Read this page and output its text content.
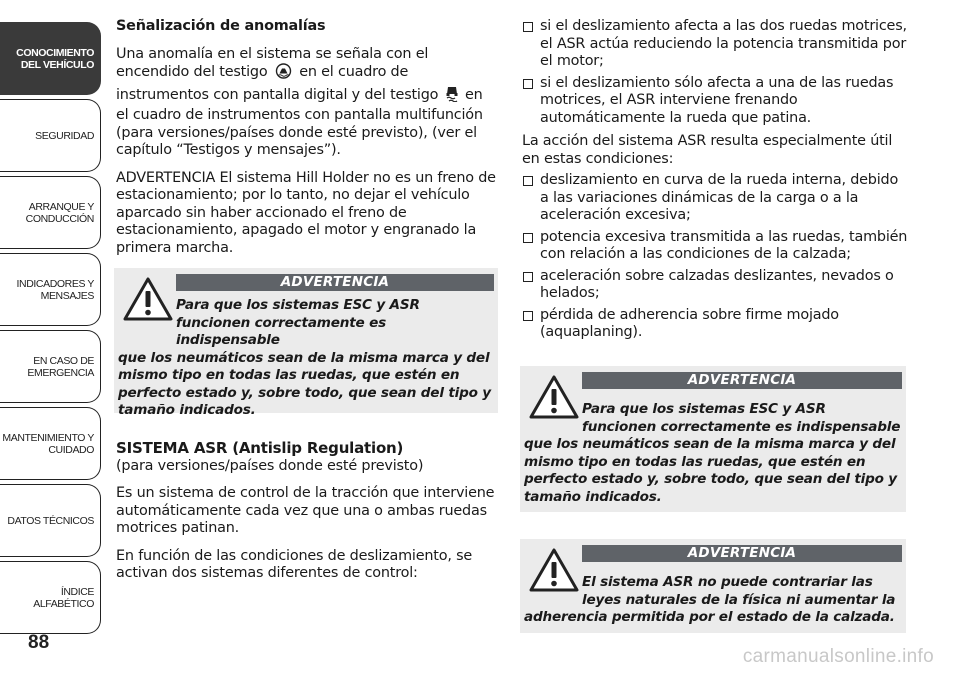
CONOCIMIENTO
DEL VEHÍCULO
SEGURIDAD
ARRANQUE Y
CONDUCCIÓN
INDICADORES Y
MENSAJES
EN CASO DE
EMERGENCIA
MANTENIMIENTO Y
CUIDADO
DATOS TÉCNICOS
ÍNDICE ALFABÉTICO
88
carmanualsonline.info

Señalización de anomalías

Una anomalía en el sistema se señala con el encendido del testigo en el cuadro de instrumentos con pantalla digital y del testigo en el cuadro de instrumentos con pantalla multifunción (para versiones/países donde esté previsto), (ver el capítulo “Testigos y mensajes”).

ADVERTENCIA El sistema Hill Holder no es un freno de estacionamiento; por lo tanto, no dejar el vehículo aparcado sin haber accionado el freno de estacionamiento, apagado el motor y engranado la primera marcha.

ADVERTENCIA
Para que los sistemas ESC y ASR funcionen correctamente es indispensable
que los neumáticos sean de la misma marca y del mismo tipo en todas las ruedas, que estén en perfecto estado y, sobre todo, que sean del tipo y tamaño indicados.

SISTEMA ASR (Antislip Regulation)

(para versiones/países donde esté previsto)

Es un sistema de control de la tracción que interviene automáticamente cada vez que una o ambas ruedas motrices patinan.

En función de las condiciones de deslizamiento, se activan dos sistemas diferentes de control:

si el deslizamiento afecta a las dos ruedas motrices, el ASR actúa reduciendo la potencia transmitida por el motor;
si el deslizamiento sólo afecta a una de las ruedas motrices, el ASR interviene frenando automáticamente la rueda que patina.

La acción del sistema ASR resulta especialmente útil en estas condiciones:

deslizamiento en curva de la rueda interna, debido a las variaciones dinámicas de la carga o a la aceleración excesiva;
potencia excesiva transmitida a las ruedas, también con relación a las condiciones de la calzada;
aceleración sobre calzadas deslizantes, nevados o helados;
pérdida de adherencia sobre firme mojado (aquaplaning).
ADVERTENCIA
Para que los sistemas ESC y ASR funcionen correctamente es indispensable
que los neumáticos sean de la misma marca y del mismo tipo en todas las ruedas, que estén en perfecto estado y, sobre todo, que sean del tipo y tamaño indicados.
ADVERTENCIA
El sistema ASR no puede contrariar las leyes naturales de la física ni aumentar la
adherencia permitida por el estado de la calzada.
